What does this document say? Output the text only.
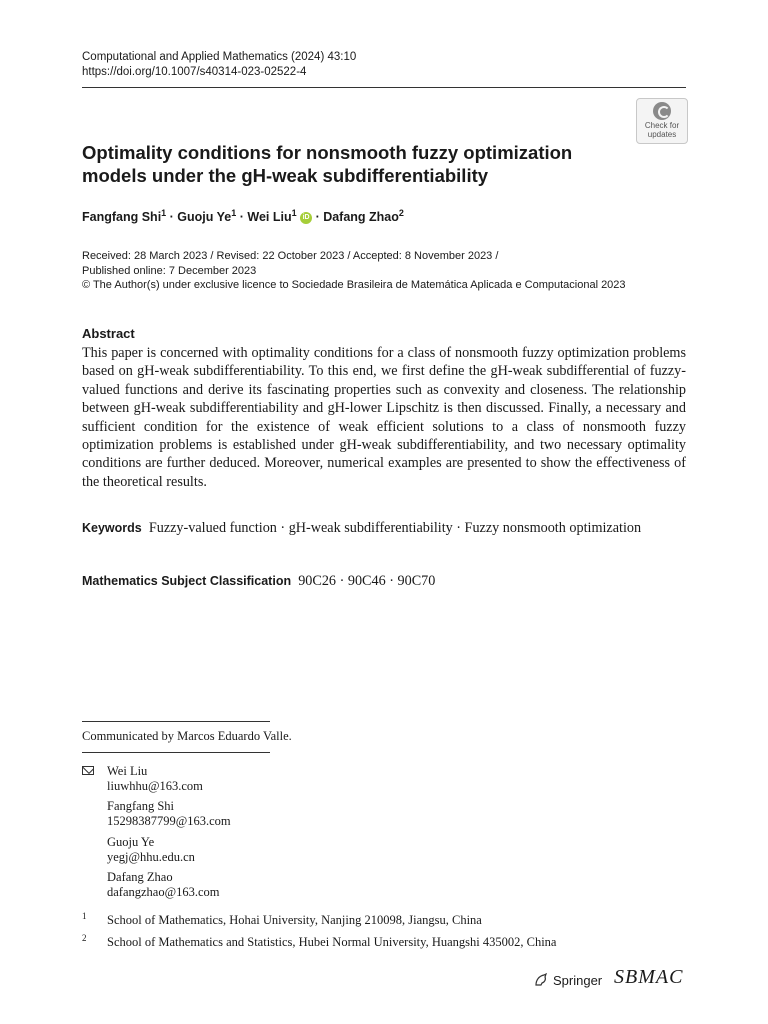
Computational and Applied Mathematics (2024) 43:10
https://doi.org/10.1007/s40314-023-02522-4
Check for
updates
Optimality conditions for nonsmooth fuzzy optimization models under the gH-weak subdifferentiability
Fangfang Shi$^1$ · Guoju $Ye^1$ · Wei Liu$^1$ iD · Dafang Zhao$^2$
Received: 28 March 2023 / Revised: 22 October 2023 / Accepted: 8 November 2023 /
Published online: 7 December 2023
© The Author(s) under exclusive licence to Sociedade Brasileira de Matemática Aplicada e Computacional 2023
Abstract
This paper is concerned with optimality conditions for a class of nonsmooth fuzzy optimization problems based on gH-weak subdifferentiability. To this end, we first define the gH-weak subdifferential of fuzzy-valued functions and derive its fascinating properties such as convexity and closeness. The relationship between gH-weak subdifferentiability and gH-lower Lipschitz is then discussed. Finally, a necessary and sufficient condition for the existence of weak efficient solutions to a class of nonsmooth fuzzy optimization problems is established under gH-weak subdifferentiability, and two necessary optimality conditions are further deduced. Moreover, numerical examples are presented to show the effectiveness of the theoretical results.
Keywords Fuzzy-valued function · gH-weak subdifferentiability · Fuzzy nonsmooth optimization
Mathematics Subject Classification 90C26 · 90C46 · 90C70
Communicated by Marcos Eduardo Valle.
Wei Liu
liuwhhu@163.com
Fangfang Shi
15298387799@163.com
Guoju Ye
yegj@hhu.edu.cn
Dafang Zhao
dafangzhao@163.com
1 School of Mathematics, Hohai University, Nanjing 210098, Jiangsu, China
2 School of Mathematics and Statistics, Hubei Normal University, Huangshi 435002, China
Springer SBMAC
